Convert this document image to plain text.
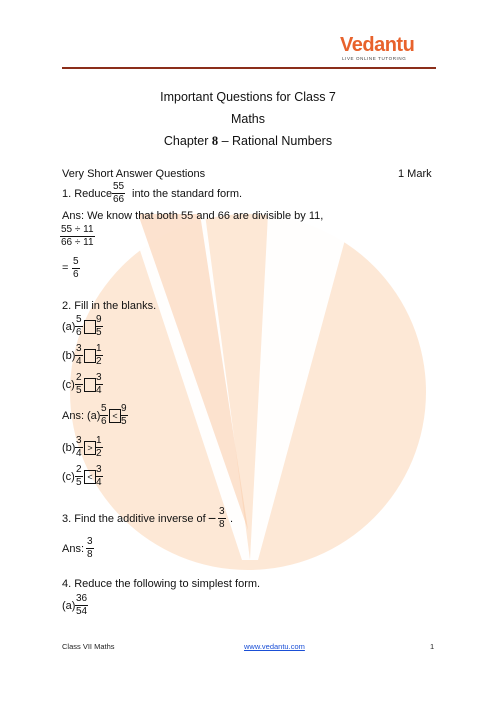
Vedantu
LIVE ONLINE TUTORING
Important Questions for Class 7
Maths
Chapter 8 – Rational Numbers
Very Short Answer Questions	1 Mark
1. Reduce $\frac{55}{66}$ into the standard form.
Ans: We know that both 55 and 66 are divisible by 11,
$\frac{55 \div 11}{66 \div 11}$
= $\frac{5}{6}$
2. Fill in the blanks.
$(a) \frac{5}{6} \frac{9}{5}$
$(b) \frac{3}{4} \frac{1}{2}$
$(c) \frac{2}{5} \frac{3}{4}$
Ans: $(a) \frac{5}{6} < \frac{9}{5}$
$(b) \frac{3}{4} > \frac{1}{2}$
$(c) \frac{2}{5} < \frac{3}{4}$
3. Find the additive inverse of − $\frac{3}{8}$ .
Ans: $\frac{3}{8}$
4. Reduce the following to simplest form.
$(a) \frac{36}{54}$
Class VII Maths	www.vedantu.com	1
